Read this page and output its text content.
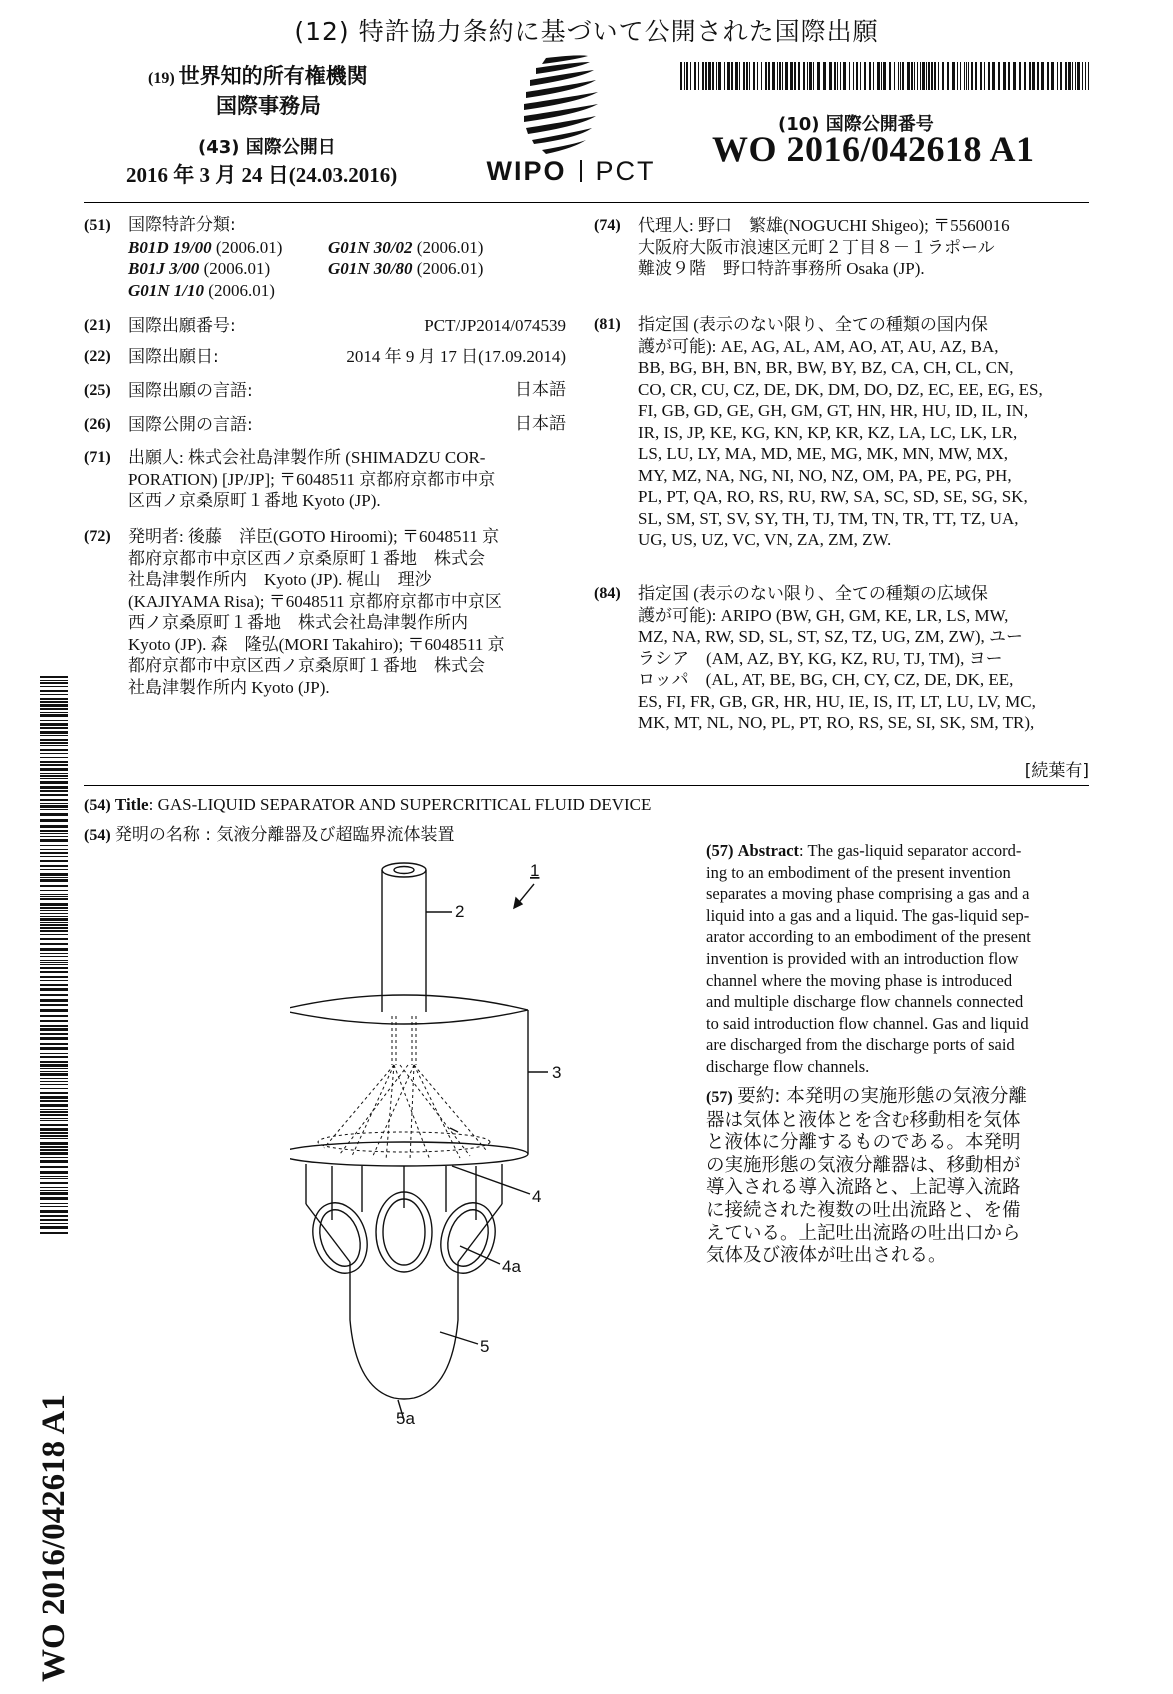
(12) 特許協力条約に基づいて公開された国際出願
(19) 世界知的所有権機関
国際事務局
(43) 国際公開日
2016 年 3 月 24 日(24.03.2016)	WIPO PCT
(10) 国際公開番号
WO 2016/042618 A1
(51) 国際特許分類:
B01D 19/00 (2006.01)	G01N 30/02 (2006.01)
B01J 3/00 (2006.01)	G01N 30/80 (2006.01)
G01N 1/10 (2006.01)
(21) 国際出願番号:	PCT/JP2014/074539
(22) 国際出願日:	2014 年 9 月 17 日(17.09.2014)
(25) 国際出願の言語:	日本語
(26) 国際公開の言語:	日本語
(71) 出願人: 株式会社島津製作所 (SHIMADZU COR-
PORATION) [JP/JP]; 〒6048511 京都府京都市中京
区西ノ京桑原町１番地 Kyoto (JP).
(72) 発明者: 後藤　洋臣(GOTO Hiroomi); 〒6048511 京
都府京都市中京区西ノ京桑原町１番地　株式会
社島津製作所内　Kyoto (JP). 梶山　理沙
(KAJIYAMA Risa); 〒6048511 京都府京都市中京区
西ノ京桑原町１番地　株式会社島津製作所内
Kyoto (JP). 森　隆弘(MORI Takahiro); 〒6048511 京
都府京都市中京区西ノ京桑原町１番地　株式会
社島津製作所内 Kyoto (JP).
(74) 代理人: 野口　繁雄(NOGUCHI Shigeo); 〒5560016
大阪府大阪市浪速区元町２丁目８－１ラポール
難波９階　野口特許事務所 Osaka (JP).
(81) 指定国 (表示のない限り、全ての種類の国内保
護が可能): AE, AG, AL, AM, AO, AT, AU, AZ, BA,
BB, BG, BH, BN, BR, BW, BY, BZ, CA, CH, CL, CN,
CO, CR, CU, CZ, DE, DK, DM, DO, DZ, EC, EE, EG, ES,
FI, GB, GD, GE, GH, GM, GT, HN, HR, HU, ID, IL, IN,
IR, IS, JP, KE, KG, KN, KP, KR, KZ, LA, LC, LK, LR,
LS, LU, LY, MA, MD, ME, MG, MK, MN, MW, MX,
MY, MZ, NA, NG, NI, NO, NZ, OM, PA, PE, PG, PH,
PL, PT, QA, RO, RS, RU, RW, SA, SC, SD, SE, SG, SK,
SL, SM, ST, SV, SY, TH, TJ, TM, TN, TR, TT, TZ, UA,
UG, US, UZ, VC, VN, ZA, ZM, ZW.
(84) 指定国 (表示のない限り、全ての種類の広域保
護が可能): ARIPO (BW, GH, GM, KE, LR, LS, MW,
MZ, NA, RW, SD, SL, ST, SZ, TZ, UG, ZM, ZW), ユー
ラシア　(AM, AZ, BY, KG, KZ, RU, TJ, TM), ヨー
ロッパ　(AL, AT, BE, BG, CH, CY, CZ, DE, DK, EE,
ES, FI, FR, GB, GR, HR, HU, IE, IS, IT, LT, LU, LV, MC,
MK, MT, NL, NO, PL, PT, RO, RS, SE, SI, SK, SM, TR),
[続葉有]
(54) Title: GAS-LIQUID SEPARATOR AND SUPERCRITICAL FLUID DEVICE
(54) 発明の名称 : 気液分離器及び超臨界流体装置
1
2
3
4
4a
5
5a
(57) Abstract: The gas-liquid separator accord-
ing to an embodiment of the present invention
separates a moving phase comprising a gas and a
liquid into a gas and a liquid. The gas-liquid sep-
arator according to an embodiment of the present
invention is provided with an introduction flow
channel where the moving phase is introduced
and multiple discharge flow channels connected
to said introduction flow channel. Gas and liquid
are discharged from the discharge ports of said
discharge flow channels.
(57) 要約: 本発明の実施形態の気液分離
器は気体と液体とを含む移動相を気体
と液体に分離するものである。本発明
の実施形態の気液分離器は、移動相が
導入される導入流路と、上記導入流路
に接続された複数の吐出流路と、を備
えている。上記吐出流路の吐出口から
気体及び液体が吐出される。
WO 2016/042618 A1
